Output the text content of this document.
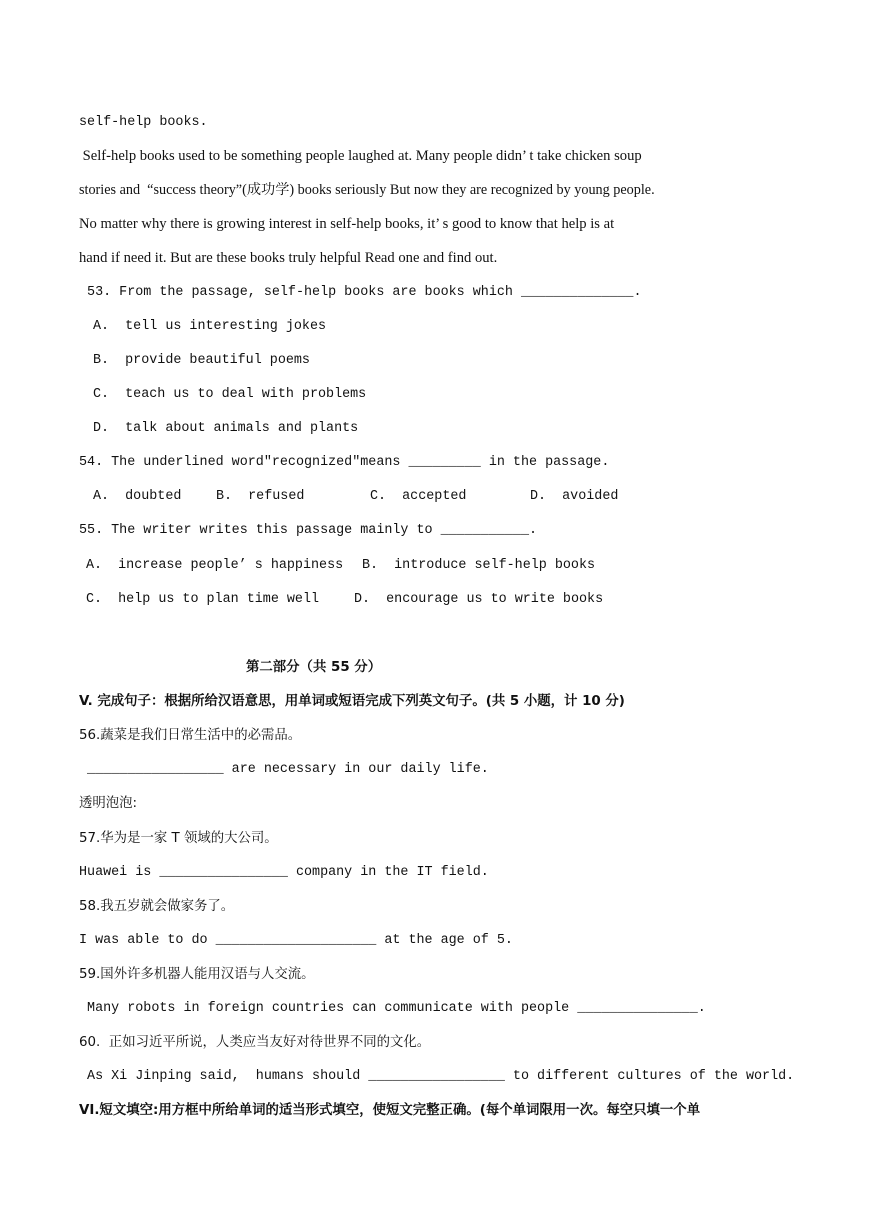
self-help books.
Self-help books used to be something people laughed at. Many people didn’ t take chicken soup
stories and  “success theory”(成功学) books seriously But now they are recognized by young people.
No matter why there is growing interest in self-help books, it’ s good to know that help is at
hand if need it. But are these books truly helpful Read one and find out.
53. From the passage, self-help books are books which ______________.
A.  tell us interesting jokes
B.  provide beautiful poems
C.  teach us to deal with problems
D.  talk about animals and plants
54. The underlined word"recognized"means _________ in the passage.
A.  doubted	B.  refused	C.  accepted	D.  avoided
55. The writer writes this passage mainly to ___________.
A.  increase people’ s happiness B.  introduce self-help books
C.  help us to plan time well	D.  encourage us to write books
第二部分（共 55 分）
V. 完成句子：根据所给汉语意思，用单词或短语完成下列英文句子。(共 5 小题，计 10 分)
56.蔬菜是我们日常生活中的必需品。
_________________ are necessary in our daily life.
透明泡泡:
57.华为是一家 T 领域的大公司。
Huawei is ________________ company in the IT field.
58.我五岁就会做家务了。
I was able to do ____________________ at the age of 5.
59.国外许多机器人能用汉语与人交流。
Many robots in foreign countries can communicate with people _______________.
60.  正如习近平所说，人类应当友好对待世界不同的文化。
As Xi Jinping said,  humans should _________________ to different cultures of the world.
VI.短文填空:用方框中所给单词的适当形式填空，使短文完整正确。(每个单词限用一次。每空只填一个单
